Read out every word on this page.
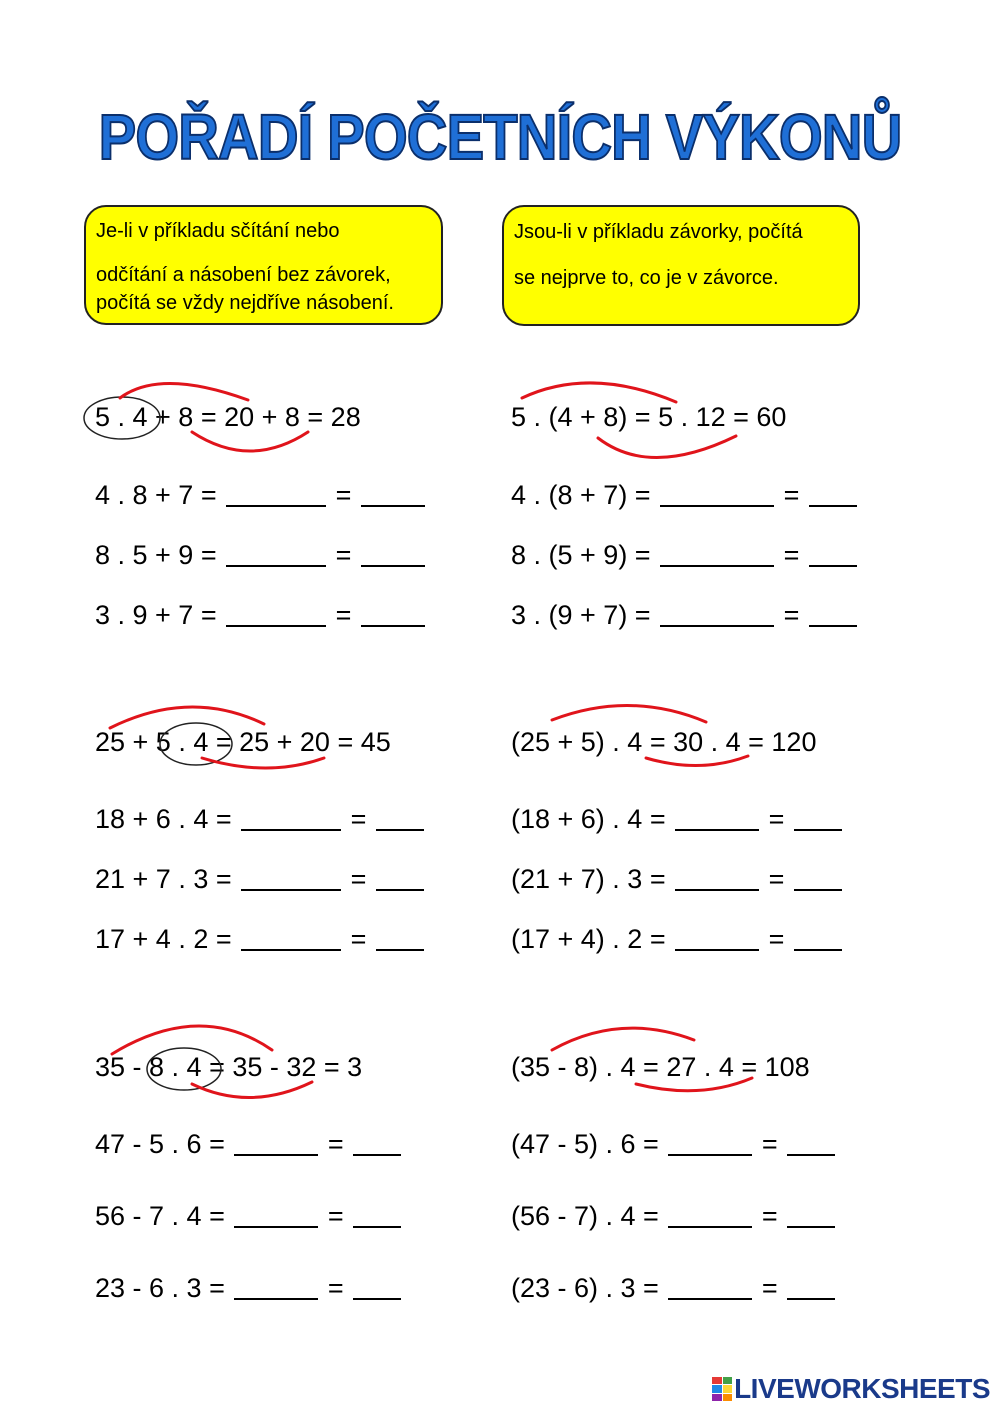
POŘADÍ POČETNÍCH VÝKONŮ
Je-li v příkladu sčítání nebo
odčítání a násobení bez závorek,
počítá se vždy nejdříve násobení.
Jsou-li v příkladu závorky, počítá
se nejprve to, co je v závorce.
5 . 4 + 8 = 20 + 8 = 28	5 . (4 + 8) = 5 . 12 = 60
25 + 5 . 4 = 25 + 20 = 45	(25 + 5) . 4 = 30 . 4 = 120
35 - 8 . 4 = 35 - 32 = 3	(35 - 8) . 4 = 27 . 4 = 108
4 . 8 + 7 =	=
8 . 5 + 9 =	=
3 . 9 + 7 =	=
4 . (8 + 7) =	=
8 . (5 + 9) =	=
3 . (9 + 7) =	=
18 + 6 . 4 =	=
21 + 7 . 3 =	=
17 + 4 . 2 =	=
(18 + 6) . 4 =	=
(21 + 7) . 3 =	=
(17 + 4) . 2 =	=
47 - 5 . 6 =	=
56 - 7 . 4 =	=
23 - 6 . 3 =	=
(47 - 5) . 6 =	=
(56 - 7) . 4 =	=
(23 - 6) . 3 =	=
LIVEWORKSHEETS
